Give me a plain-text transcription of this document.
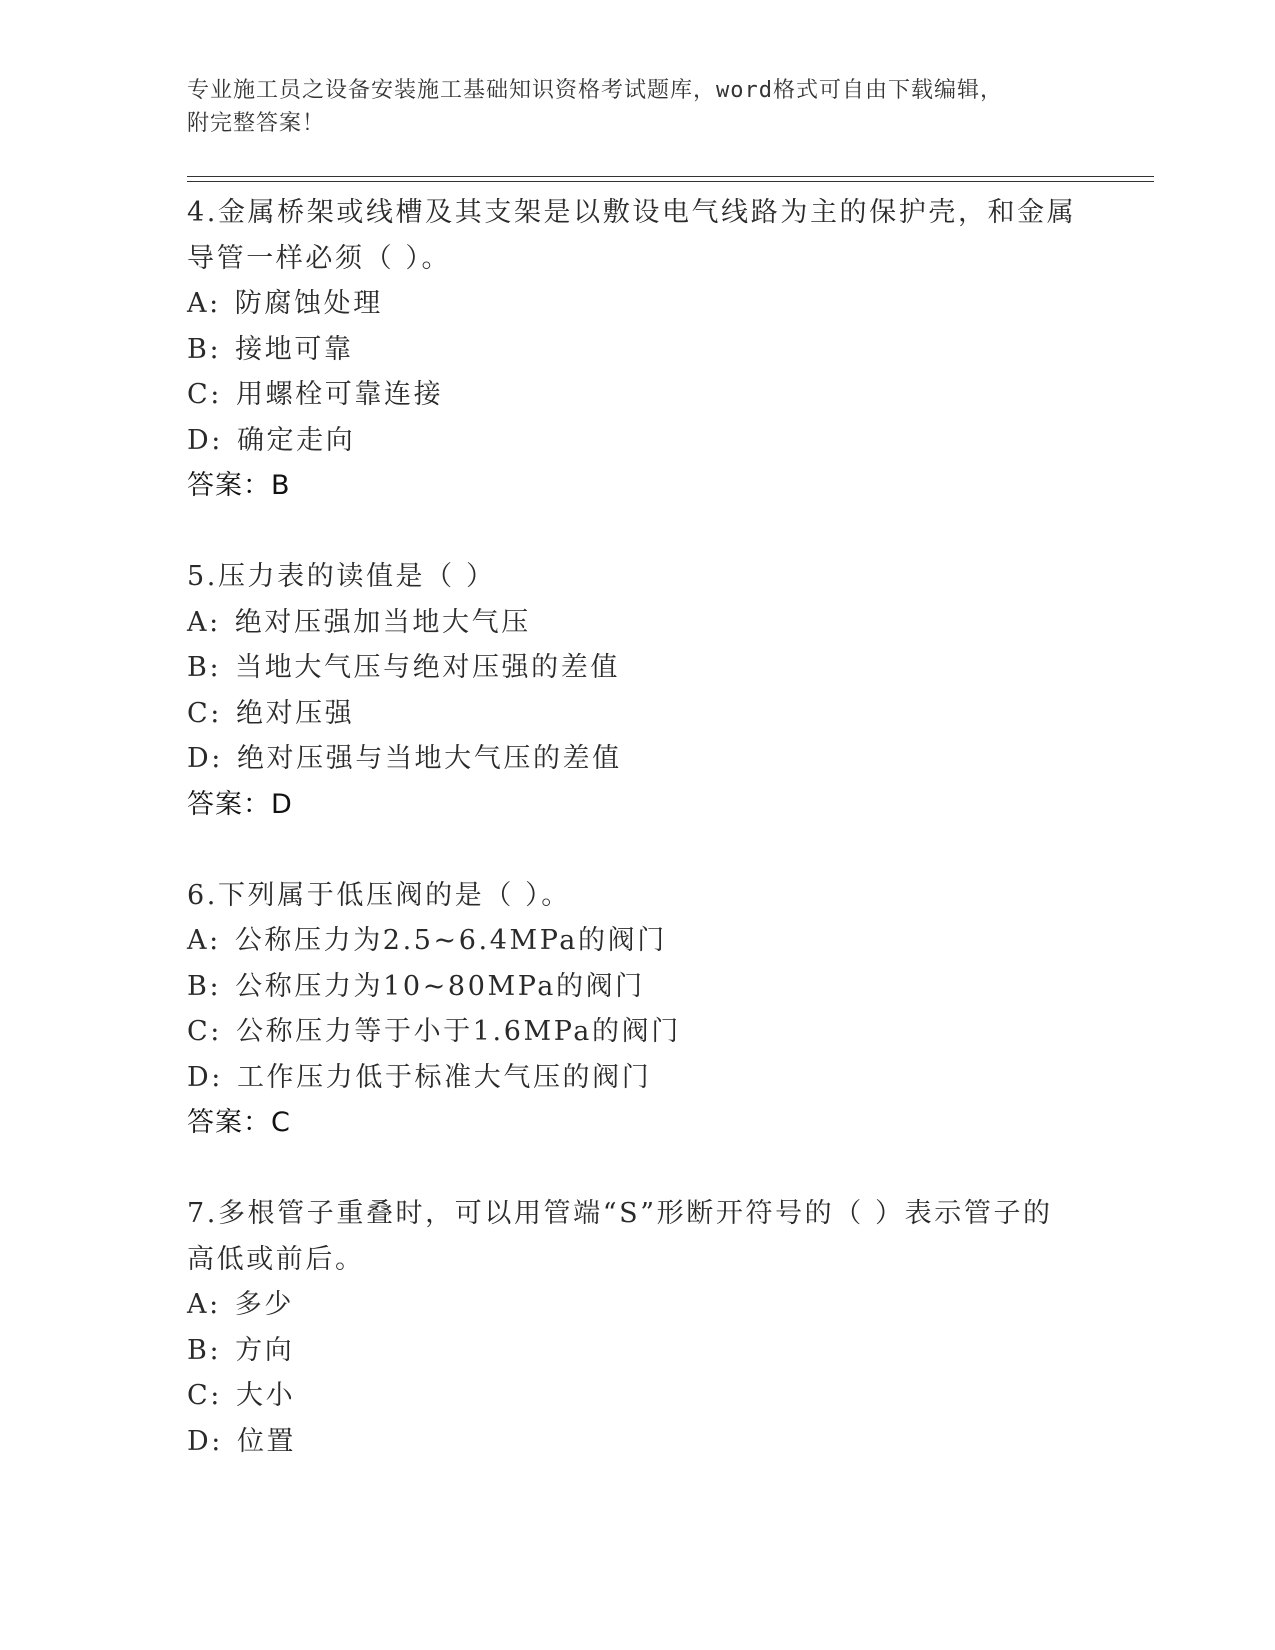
专业施工员之设备安装施工基础知识资格考试题库，word格式可自由下载编辑，
附完整答案！
4.金属桥架或线槽及其支架是以敷设电气线路为主的保护壳，和金属
导管一样必须（ ）。
A: 防腐蚀处理
B: 接地可靠
C: 用螺栓可靠连接
D: 确定走向
答案：B
5.压力表的读值是（ ）
A: 绝对压强加当地大气压
B: 当地大气压与绝对压强的差值
C: 绝对压强
D: 绝对压强与当地大气压的差值
答案：D
6.下列属于低压阀的是（ ）。
A: 公称压力为2.5~6.4MPa的阀门
B: 公称压力为10~80MPa的阀门
C: 公称压力等于小于1.6MPa的阀门
D: 工作压力低于标准大气压的阀门
答案：C
7.多根管子重叠时，可以用管端“S”形断开符号的（ ）表示管子的
高低或前后。
A: 多少
B: 方向
C: 大小
D: 位置
